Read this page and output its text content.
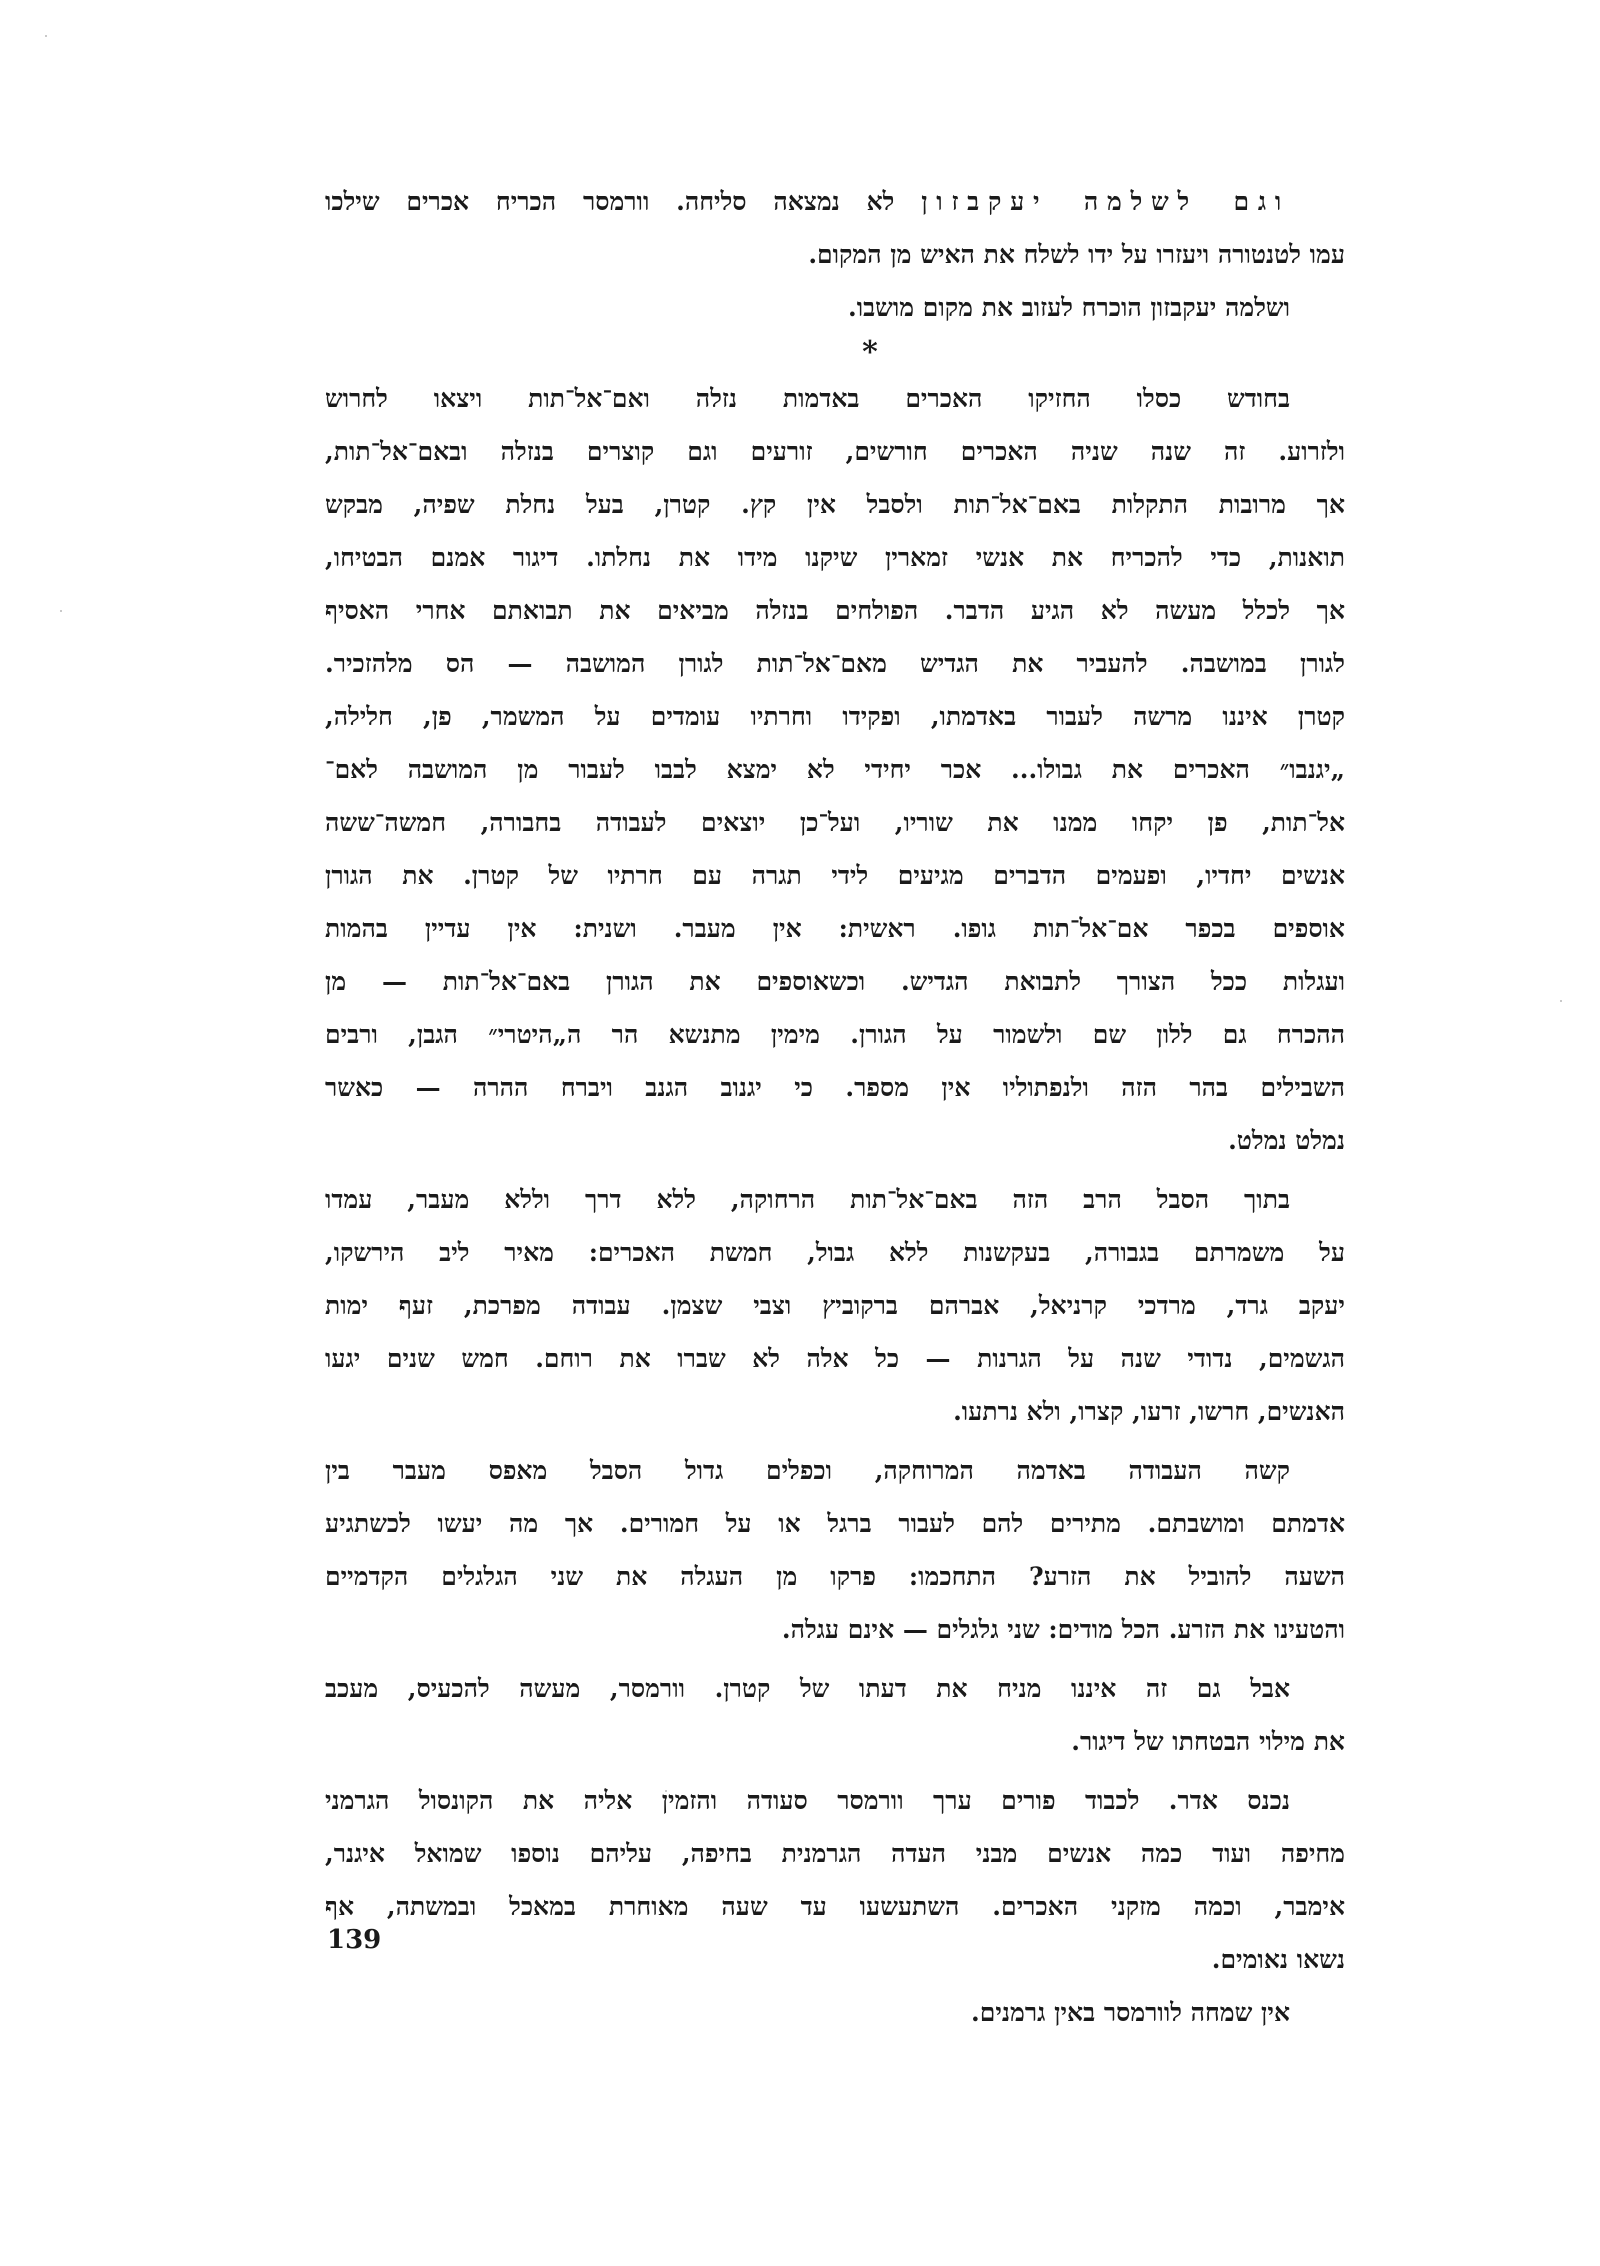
וגם לשלמה יעקבזון לא נמצאה סליחה. וורמסר הכריח אכרים שילכו
עמו לטנטורה ויעזרו על ידו לשלח את האיש מן המקום.
ושלמה יעקבזון הוכרח לעזוב את מקום מושבו.
*
בחודש כסלו החזיקו האכרים באדמות נזלה ואם־אל־תות ויצאו לחרוש
ולזרוע. זה שנה שניה האכרים חורשים, זורעים וגם קוצרים בנזלה ובאם־אל־תות,
אך מרובות התקלות באם־אל־תות ולסבל אין קץ. קטרן, בעל נחלת שפיה, מבקש
תואנות, כדי להכריח את אנשי זמארין שיקנו מידו את נחלתו. דיגור אמנם הבטיחו,
אך לכלל מעשה לא הגיע הדבר. הפולחים בנזלה מביאים את תבואתם אחרי האסיף
לגורן במושבה. להעביר את הגדיש מאם־אל־תות לגורן המושבה — הס מלהזכיר.
קטרן איננו מרשה לעבור באדמתו, ופקידו וחרתיו עומדים על המשמר, פן, חלילה,
„יגנבו״ האכרים את גבולו... אכר יחידי לא ימצא לבבו לעבור מן המושבה לאם־
אל־תות, פן יקחו ממנו את שוריו, ועל־כן יוצאים לעבודה בחבורה, חמשה־ששה
אנשים יחדיו, ופעמים הדברים מגיעים לידי תגרה עם חרתיו של קטרן. את הגורן
אוספים בכפר אם־אל־תות גופו. ראשית: אין מעבר. ושנית: אין עדיין בהמות
ועגלות ככל הצורך לתבואת הגדיש. וכשאוספים את הגורן באם־אל־תות — מן
ההכרח גם ללון שם ולשמור על הגורן. מימין מתנשא הר ה„היטרי״ הגבן, ורבים
השבילים בהר הזה ולנפתוליו אין מספר. כי יגנוב הגנב ויברח ההרה — כאשר
נמלט נמלט.
בתוך הסבל הרב הזה באם־אל־תות הרחוקה, ללא דרך וללא מעבר, עמדו
על משמרתם בגבורה, בעקשנות ללא גבול, חמשת האכרים: מאיר ליב הירשקו,
יעקב גרד, מרדכי קרניאל, אברהם ברקוביץ וצבי שצמן. עבודה מפרכת, זעף ימות
הגשמים, נדודי שנה על הגרנות — כל אלה לא שברו את רוחם. חמש שנים יגעו
האנשים, חרשו, זרעו, קצרו, ולא נרתעו.
קשה העבודה באדמה המרוחקה, וכפלים גדול הסבל מאפס מעבר בין
אדמתם ומושבתם. מתירים להם לעבור ברגל או על חמורים. אך מה יעשו לכשתגיע
השעה להוביל את הזרע? התחכמו: פרקו מן העגלה את שני הגלגלים הקדמיים
והטעינו את הזרע. הכל מודים: שני גלגלים — אינם עגלה.
אבל גם זה איננו מניח את דעתו של קטרן. וורמסר, מעשה להכעיס, מעכב
את מילוי הבטחתו של דיגור.
נכנס אדר. לכבוד פורים ערך וורמסר סעודה והזמין אליה את הקונסול הגרמני
מחיפה ועוד כמה אנשים מבני העדה הגרמנית בחיפה, עליהם נוספו שמואל איגנר,
אימבר, וכמה מזקני האכרים. השתעשעו עד שעה מאוחרת במאכל ובמשתה, אף
נשאו נאומים.
אין שמחה לוורמסר באין גרמנים.
139
